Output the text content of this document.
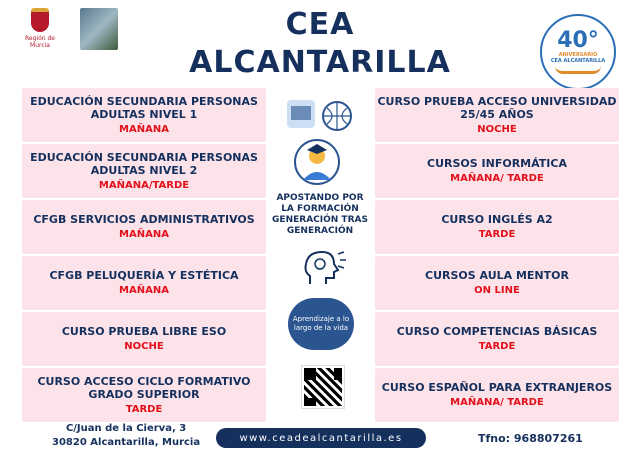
Región de Murcia
CEA
ALCANTARILLA
40°
ANIVERSARIO
CEA ALCANTARILLA
EDUCACIÓN SECUNDARIA PERSONAS ADULTAS NIVEL 1
MAÑANA
EDUCACIÓN SECUNDARIA PERSONAS ADULTAS NIVEL 2
MAÑANA/TARDE
CFGB SERVICIOS ADMINISTRATIVOS
MAÑANA
CFGB PELUQUERÍA Y ESTÉTICA
MAÑANA
CURSO PRUEBA LIBRE ESO
NOCHE
CURSO ACCESO CICLO FORMATIVO GRADO SUPERIOR
TARDE
CURSO PRUEBA ACCESO UNIVERSIDAD 25/45 AÑOS
NOCHE
CURSOS INFORMÁTICA
MAÑANA/ TARDE
CURSO INGLÉS A2
TARDE
CURSOS AULA MENTOR
ON LINE
CURSO COMPETENCIAS BÁSICAS
TARDE
CURSO ESPAÑOL PARA EXTRANJEROS
MAÑANA/ TARDE
APOSTANDO POR LA FORMACIÓN GENERACIÓN TRAS GENERACIÓN
Aprendizaje a lo largo de la vida
C/Juan de la Cierva, 3
30820 Alcantarilla, Murcia	www.ceadealcantarilla.es	Tfno: 968807261
